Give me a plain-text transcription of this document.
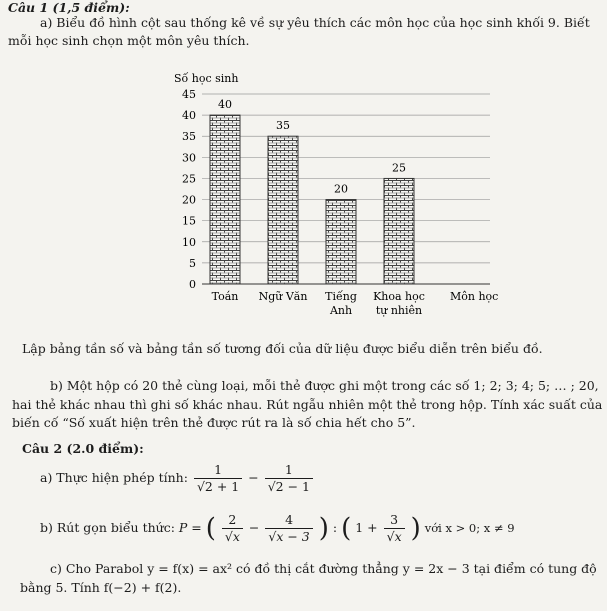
Câu 1 (1,5 điểm):
a) Biểu đồ hình cột sau thống kê về sự yêu thích các môn học của học sinh khối 9. Biết
mỗi học sinh chọn một môn yêu thích.
0
5
10
15
20
25
30
35
40
45
40
35
20
25
Toán Ngữ Văn Tiếng
Anh
Khoa học
tự nhiên
Số học sinh
Môn học
Lập bảng tần số và bảng tần số tương đối của dữ liệu được biểu diễn trên biểu đồ.
b) Một hộp có 20 thẻ cùng loại, mỗi thẻ được ghi một trong các số 1; 2; 3; 4; 5; … ; 20,
hai thẻ khác nhau thì ghi số khác nhau. Rút ngẫu nhiên một thẻ trong hộp. Tính xác suất của
biến cố “Số xuất hiện trên thẻ được rút ra là số chia hết cho 5”.
Câu 2 (2.0 điểm):
a) Thực hiện phép tính: $\frac{1}{√2 + 1} - \frac{1}{√2 - 1}$
b) Rút gọn biểu thức: P = ( $\frac{2}{√x} - \frac{4}{√x - 3}$ ) : ( $1 + \frac{3}{√x}$ ) với x > 0; x ≠ 9
c) Cho Parabol y = f(x) = ax² có đồ thị cắt đường thẳng y = 2x − 3 tại điểm có tung độ
bằng 5. Tính f(−2) + f(2).
